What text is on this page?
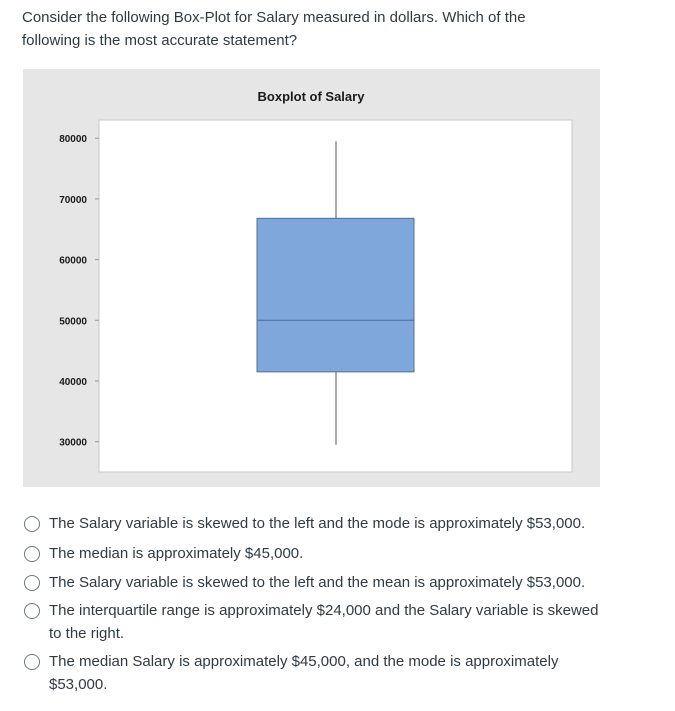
Consider the following Box-Plot for Salary measured in dollars. Which of the following is the most accurate statement?

Boxplot of Salary
30000
40000
50000
60000
70000
80000
The Salary variable is skewed to the left and the mode is approximately $53,000.
The median is approximately $45,000.
The Salary variable is skewed to the left and the mean is approximately $53,000.
The interquartile range is approximately $24,000 and the Salary variable is skewed to the right.
The median Salary is approximately $45,000, and the mode is approximately $53,000.
